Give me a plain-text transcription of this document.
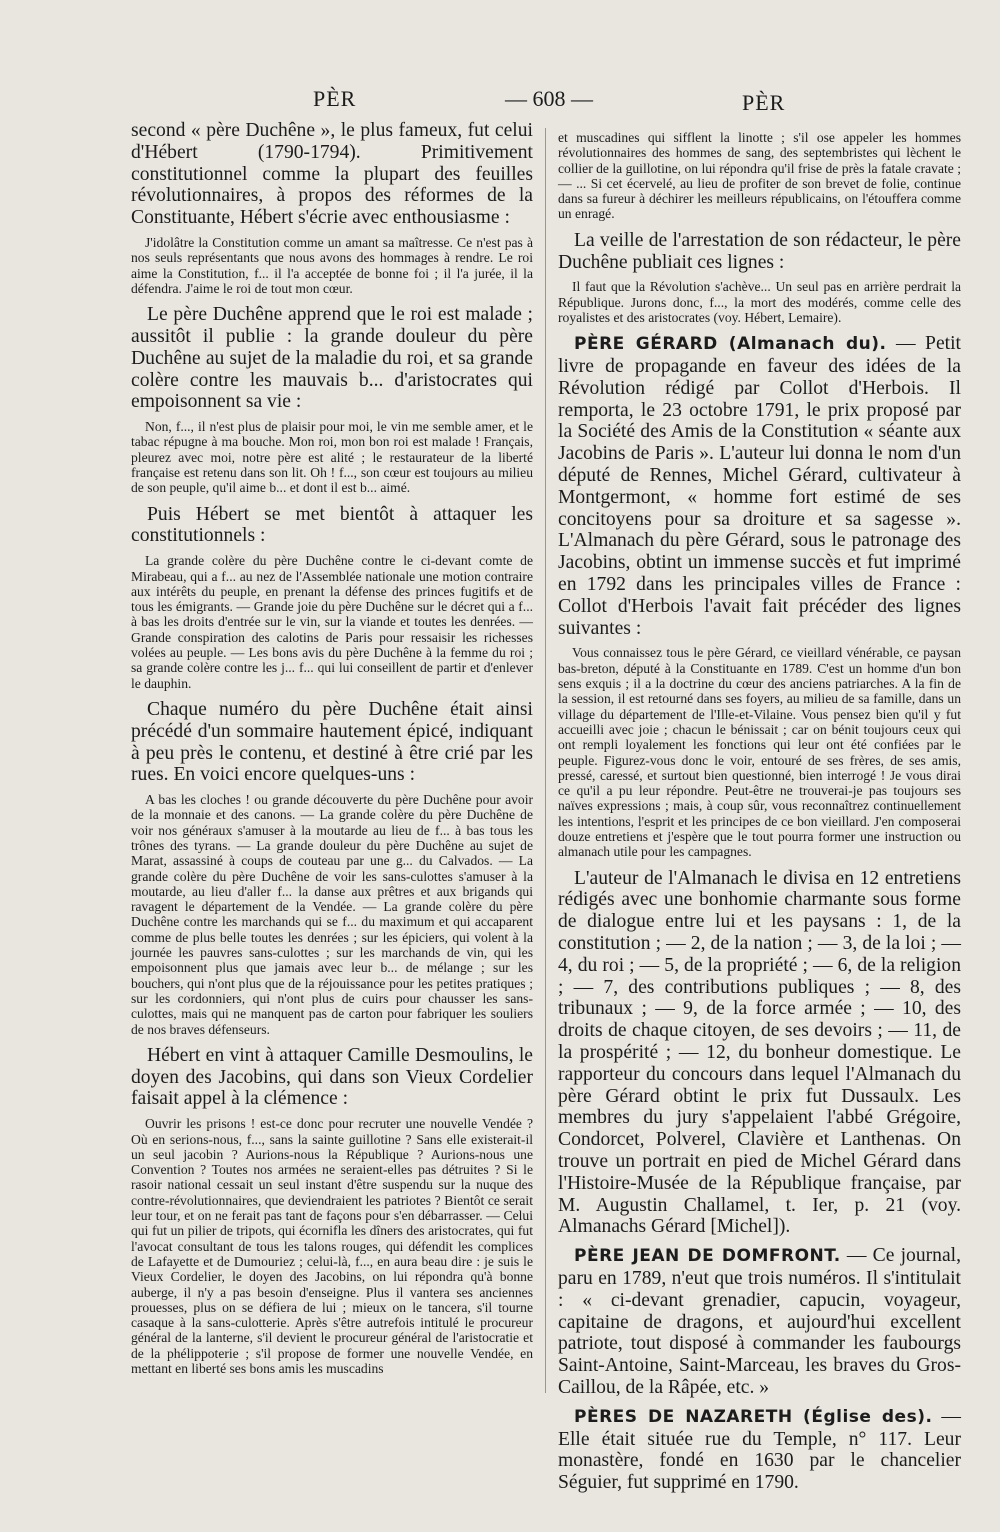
PÈR	— 608 —	PÈR

second « père Duchêne », le plus fameux, fut celui d'Hébert (1790-1794). Primitivement constitutionnel comme la plupart des feuilles révolutionnaires, à propos des réformes de la Constituante, Hébert s'écrie avec enthousiasme :

J'idolâtre la Constitution comme un amant sa maîtresse. Ce n'est pas à nos seuls représentants que nous avons des hommages à rendre. Le roi aime la Constitution, f... il l'a acceptée de bonne foi ; il l'a jurée, il la défendra. J'aime le roi de tout mon cœur.

Le père Duchêne apprend que le roi est malade ; aussitôt il publie : la grande douleur du père Duchêne au sujet de la maladie du roi, et sa grande colère contre les mauvais b... d'aristocrates qui empoisonnent sa vie :

Non, f..., il n'est plus de plaisir pour moi, le vin me semble amer, et le tabac répugne à ma bouche. Mon roi, mon bon roi est malade ! Français, pleurez avec moi, notre père est alité ; le restaurateur de la liberté française est retenu dans son lit. Oh ! f..., son cœur est toujours au milieu de son peuple, qu'il aime b... et dont il est b... aimé.

Puis Hébert se met bientôt à attaquer les constitutionnels :

La grande colère du père Duchêne contre le ci-devant comte de Mirabeau, qui a f... au nez de l'Assemblée nationale une motion contraire aux intérêts du peuple, en prenant la défense des princes fugitifs et de tous les émigrants. — Grande joie du père Duchêne sur le décret qui a f... à bas les droits d'entrée sur le vin, sur la viande et toutes les denrées. — Grande conspiration des calotins de Paris pour ressaisir les richesses volées au peuple. — Les bons avis du père Duchêne à la femme du roi ; sa grande colère contre les j... f... qui lui conseillent de partir et d'enlever le dauphin.

Chaque numéro du père Duchêne était ainsi précédé d'un sommaire hautement épicé, indiquant à peu près le contenu, et destiné à être crié par les rues. En voici encore quelques-uns :

A bas les cloches ! ou grande découverte du père Duchêne pour avoir de la monnaie et des canons. — La grande colère du père Duchêne de voir nos généraux s'amuser à la moutarde au lieu de f... à bas tous les trônes des tyrans. — La grande douleur du père Duchêne au sujet de Marat, assassiné à coups de couteau par une g... du Calvados. — La grande colère du père Duchêne de voir les sans-culottes s'amuser à la moutarde, au lieu d'aller f... la danse aux prêtres et aux brigands qui ravagent le département de la Vendée. — La grande colère du père Duchêne contre les marchands qui se f... du maximum et qui accaparent comme de plus belle toutes les denrées ; sur les épiciers, qui volent à la journée les pauvres sans-culottes ; sur les marchands de vin, qui les empoisonnent plus que jamais avec leur b... de mélange ; sur les bouchers, qui n'ont plus que de la réjouissance pour les petites pratiques ; sur les cordonniers, qui n'ont plus de cuirs pour chausser les sans-culottes, mais qui ne manquent pas de carton pour fabriquer les souliers de nos braves défenseurs.

Hébert en vint à attaquer Camille Desmoulins, le doyen des Jacobins, qui dans son Vieux Cordelier faisait appel à la clémence :

Ouvrir les prisons ! est-ce donc pour recruter une nouvelle Vendée ? Où en serions-nous, f..., sans la sainte guillotine ? Sans elle existerait-il un seul jacobin ? Aurions-nous la République ? Aurions-nous une Convention ? Toutes nos armées ne seraient-elles pas détruites ? Si le rasoir national cessait un seul instant d'être suspendu sur la nuque des contre-révolutionnaires, que deviendraient les patriotes ? Bientôt ce serait leur tour, et on ne ferait pas tant de façons pour s'en débarrasser. — Celui qui fut un pilier de tripots, qui écornifla les dîners des aristocrates, qui fut l'avocat consultant de tous les talons rouges, qui défendit les complices de Lafayette et de Dumouriez ; celui-là, f..., en aura beau dire : je suis le Vieux Cordelier, le doyen des Jacobins, on lui répondra qu'à bonne auberge, il n'y a pas besoin d'enseigne. Plus il vantera ses anciennes prouesses, plus on se défiera de lui ; mieux on le tancera, s'il tourne casaque à la sans-culotterie. Après s'être autrefois intitulé le procureur général de la lanterne, s'il devient le procureur général de l'aristocratie et de la phélippoterie ; s'il propose de former une nouvelle Vendée, en mettant en liberté ses bons amis les muscadins

et muscadines qui sifflent la linotte ; s'il ose appeler les hommes révolutionnaires des hommes de sang, des septembristes qui lèchent le collier de la guillotine, on lui répondra qu'il frise de près la fatale cravate ; — ... Si cet écervelé, au lieu de profiter de son brevet de folie, continue dans sa fureur à déchirer les meilleurs républicains, on l'étouffera comme un enragé.

La veille de l'arrestation de son rédacteur, le père Duchêne publiait ces lignes :

Il faut que la Révolution s'achève... Un seul pas en arrière perdrait la République. Jurons donc, f..., la mort des modérés, comme celle des royalistes et des aristocrates (voy. Hébert, Lemaire).

PÈRE GÉRARD (Almanach du). — Petit livre de propagande en faveur des idées de la Révolution rédigé par Collot d'Herbois. Il remporta, le 23 octobre 1791, le prix proposé par la Société des Amis de la Constitution « séante aux Jacobins de Paris ». L'auteur lui donna le nom d'un député de Rennes, Michel Gérard, cultivateur à Montgermont, « homme fort estimé de ses concitoyens pour sa droiture et sa sagesse ». L'Almanach du père Gérard, sous le patronage des Jacobins, obtint un immense succès et fut imprimé en 1792 dans les principales villes de France : Collot d'Herbois l'avait fait précéder des lignes suivantes :

Vous connaissez tous le père Gérard, ce vieillard vénérable, ce paysan bas-breton, député à la Constituante en 1789. C'est un homme d'un bon sens exquis ; il a la doctrine du cœur des anciens patriarches. A la fin de la session, il est retourné dans ses foyers, au milieu de sa famille, dans un village du département de l'Ille-et-Vilaine. Vous pensez bien qu'il y fut accueilli avec joie ; chacun le bénissait ; car on bénit toujours ceux qui ont rempli loyalement les fonctions qui leur ont été confiées par le peuple. Figurez-vous donc le voir, entouré de ses frères, de ses amis, pressé, caressé, et surtout bien questionné, bien interrogé ! Je vous dirai ce qu'il a pu leur répondre. Peut-être ne trouverai-je pas toujours ses naïves expressions ; mais, à coup sûr, vous reconnaîtrez continuellement les intentions, l'esprit et les principes de ce bon vieillard. J'en composerai douze entretiens et j'espère que le tout pourra former une instruction ou almanach utile pour les campagnes.

L'auteur de l'Almanach le divisa en 12 entretiens rédigés avec une bonhomie charmante sous forme de dialogue entre lui et les paysans : 1, de la constitution ; — 2, de la nation ; — 3, de la loi ; — 4, du roi ; — 5, de la propriété ; — 6, de la religion ; — 7, des contributions publiques ; — 8, des tribunaux ; — 9, de la force armée ; — 10, des droits de chaque citoyen, de ses devoirs ; — 11, de la prospérité ; — 12, du bonheur domestique. Le rapporteur du concours dans lequel l'Almanach du père Gérard obtint le prix fut Dussaulx. Les membres du jury s'appelaient l'abbé Grégoire, Condorcet, Polverel, Clavière et Lanthenas. On trouve un portrait en pied de Michel Gérard dans l'Histoire-Musée de la République française, par M. Augustin Challamel, t. Ier, p. 21 (voy. Almanachs Gérard [Michel]).

PÈRE JEAN DE DOMFRONT. — Ce journal, paru en 1789, n'eut que trois numéros. Il s'intitulait : « ci-devant grenadier, capucin, voyageur, capitaine de dragons, et aujourd'hui excellent patriote, tout disposé à commander les faubourgs Saint-Antoine, Saint-Marceau, les braves du Gros-Caillou, de la Râpée, etc. »

PÈRES DE NAZARETH (Église des). — Elle était située rue du Temple, n° 117. Leur monastère, fondé en 1630 par le chancelier Séguier, fut supprimé en 1790.
